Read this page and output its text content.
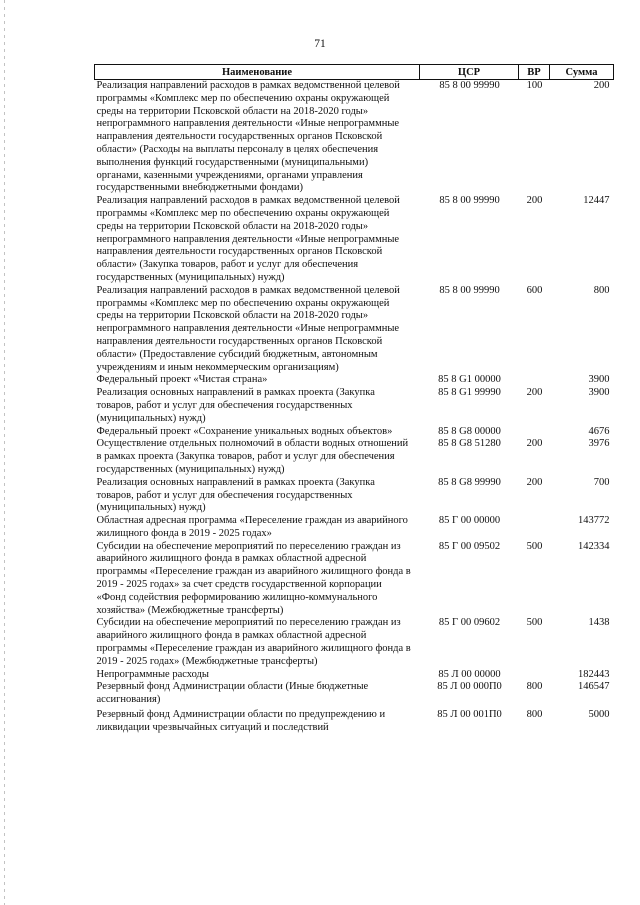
71
Наименование	ЦСР	ВР	Сумма
Реализация направлений расходов в рамках ведомственной целевой программы «Комплекс мер по обеспечению охраны окружающей среды на территории Псковской области на 2018-2020 годы» непрограммного направления деятельности «Иные непрограммные направления деятельности государственных органов Псковской области» (Расходы на выплаты персоналу в целях обеспечения выполнения функций государственными (муниципальными) органами, казенными учреждениями, органами управления государственными внебюджетными фондами)	85 8 00 99990	100	200
Реализация направлений расходов в рамках ведомственной целевой программы «Комплекс мер по обеспечению охраны окружающей среды на территории Псковской области на 2018-2020 годы» непрограммного направления деятельности «Иные непрограммные направления деятельности государственных органов Псковской области» (Закупка товаров, работ и услуг для обеспечения государственных (муниципальных) нужд)	85 8 00 99990	200	12447
Реализация направлений расходов в рамках ведомственной целевой программы «Комплекс мер по обеспечению охраны окружающей среды на территории Псковской области на 2018-2020 годы» непрограммного направления деятельности «Иные непрограммные направления деятельности государственных органов Псковской области» (Предоставление субсидий бюджетным, автономным учреждениям и иным некоммерческим организациям)	85 8 00 99990	600	800
Федеральный проект «Чистая страна»	85 8 G1 00000		3900
Реализация основных направлений в рамках проекта (Закупка товаров, работ и услуг для обеспечения государственных (муниципальных) нужд)	85 8 G1 99990	200	3900
Федеральный проект «Сохранение уникальных водных объектов»	85 8 G8 00000		4676
Осуществление отдельных полномочий в области водных отношений в рамках проекта (Закупка товаров, работ и услуг для обеспечения государственных (муниципальных) нужд)	85 8 G8 51280	200	3976
Реализация основных направлений в рамках проекта (Закупка товаров, работ и услуг для обеспечения государственных (муниципальных) нужд)	85 8 G8 99990	200	700
Областная адресная программа «Переселение граждан из аварийного жилищного фонда в 2019 - 2025 годах»	85 Г 00 00000		143772
Субсидии на обеспечение мероприятий по переселению граждан из аварийного жилищного фонда в рамках областной адресной программы «Переселение граждан из аварийного жилищного фонда в 2019 - 2025 годах» за счет средств государственной корпорации «Фонд содействия реформированию жилищно-коммунального хозяйства» (Межбюджетные трансферты)	85 Г 00 09502	500	142334
Субсидии на обеспечение мероприятий по переселению граждан из аварийного жилищного фонда в рамках областной адресной программы «Переселение граждан из аварийного жилищного фонда в 2019 - 2025 годах» (Межбюджетные трансферты)	85 Г 00 09602	500	1438
Непрограммные расходы	85 Л 00 00000		182443
Резервный фонд Администрации области (Иные бюджетные ассигнования)	85 Л 00 000П0	800	146547
Резервный фонд Администрации области по предупреждению и ликвидации чрезвычайных ситуаций и последствий	85 Л 00 001П0	800	5000
